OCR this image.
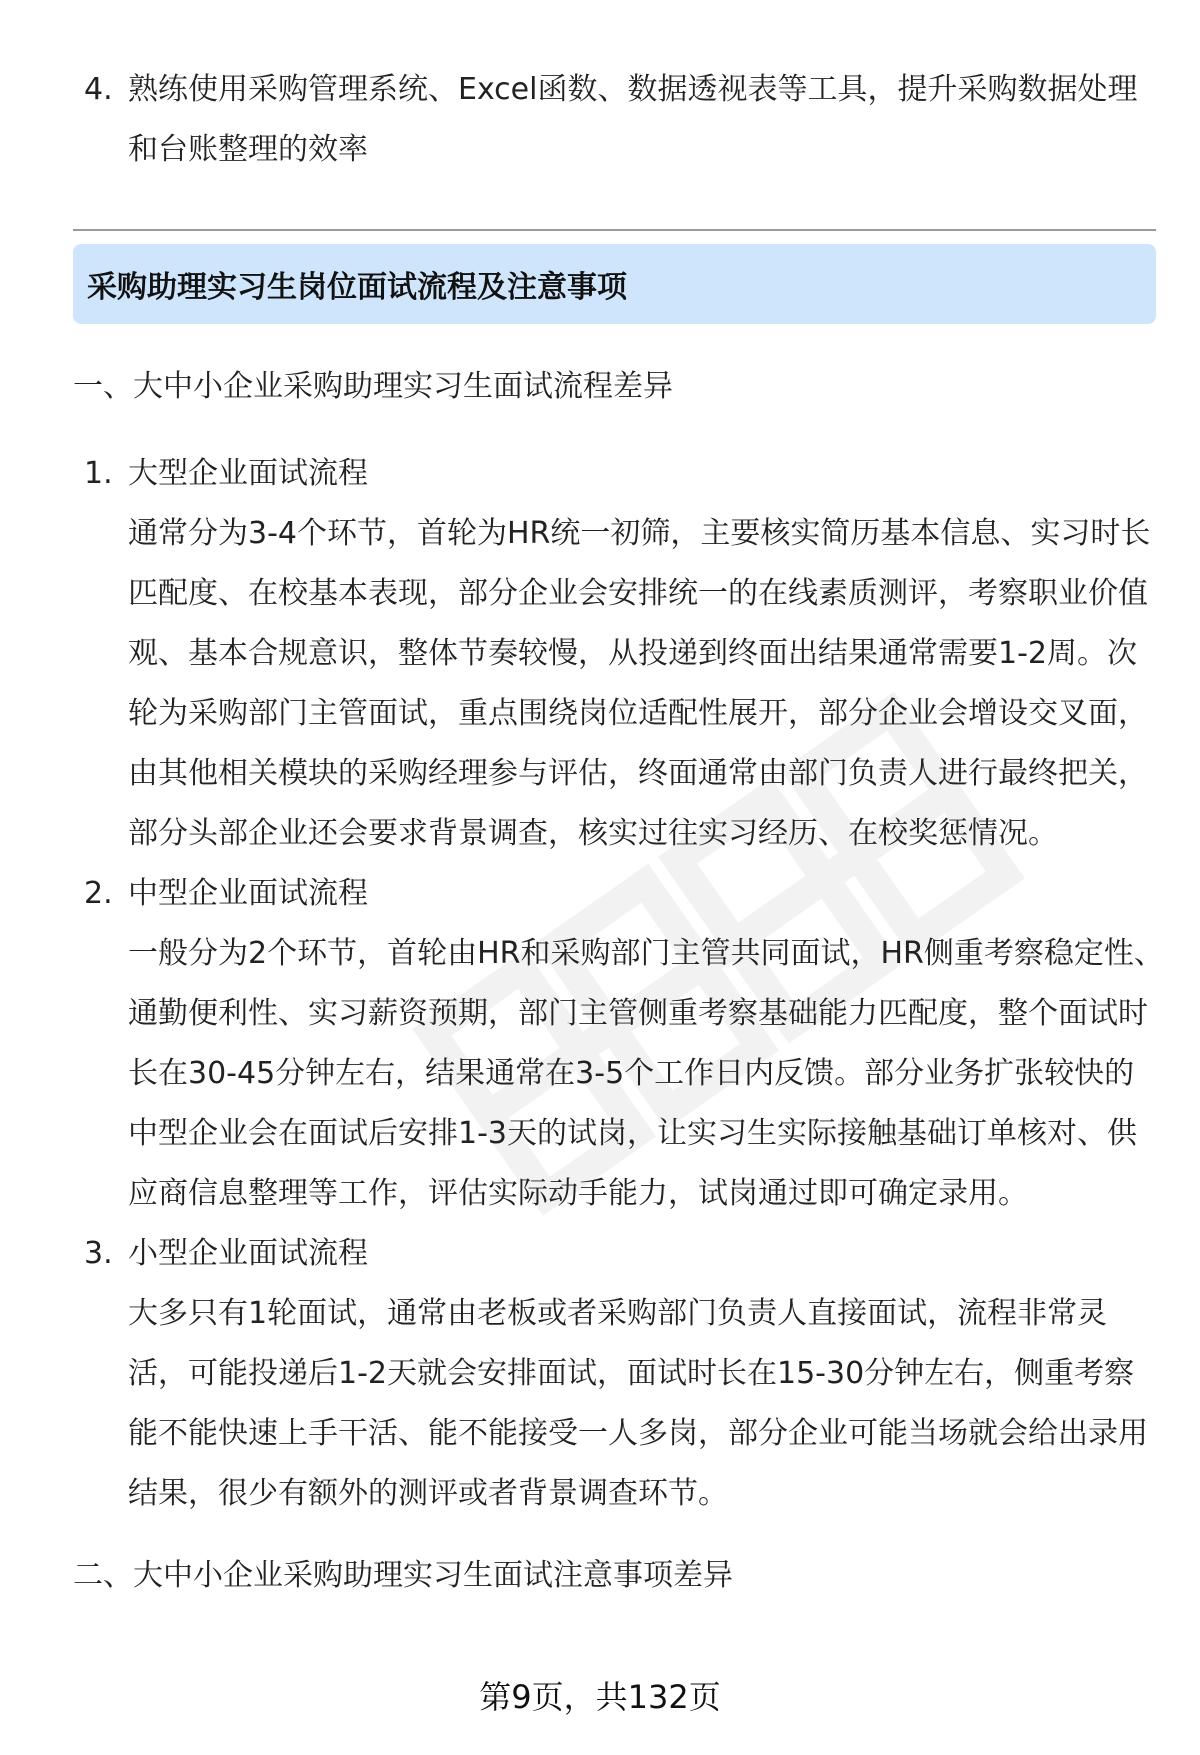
4. 熟练使用采购管理系统、Excel函数、数据透视表等工具，提升采购数据处理和台账整理的效率
采购助理实习生岗位面试流程及注意事项
一、大中小企业采购助理实习生面试流程差异
1. 大型企业面试流程

通常分为3-4个环节，首轮为HR统一初筛，主要核实简历基本信息、实习时长匹配度、在校基本表现，部分企业会安排统一的在线素质测评，考察职业价值观、基本合规意识，整体节奏较慢，从投递到终面出结果通常需要1-2周。次轮为采购部门主管面试，重点围绕岗位适配性展开，部分企业会增设交叉面，由其他相关模块的采购经理参与评估，终面通常由部门负责人进行最终把关，部分头部企业还会要求背景调查，核实过往实习经历、在校奖惩情况。

2. 中型企业面试流程

一般分为2个环节，首轮由HR和采购部门主管共同面试，HR侧重考察稳定性、通勤便利性、实习薪资预期，部门主管侧重考察基础能力匹配度，整个面试时长在30-45分钟左右，结果通常在3-5个工作日内反馈。部分业务扩张较快的中型企业会在面试后安排1-3天的试岗，让实习生实际接触基础订单核对、供应商信息整理等工作，评估实际动手能力，试岗通过即可确定录用。

3. 小型企业面试流程

大多只有1轮面试，通常由老板或者采购部门负责人直接面试，流程非常灵活，可能投递后1-2天就会安排面试，面试时长在15-30分钟左右，侧重考察能不能快速上手干活、能不能接受一人多岗，部分企业可能当场就会给出录用结果，很少有额外的测评或者背景调查环节。

二、大中小企业采购助理实习生面试注意事项差异
第9页，共132页
